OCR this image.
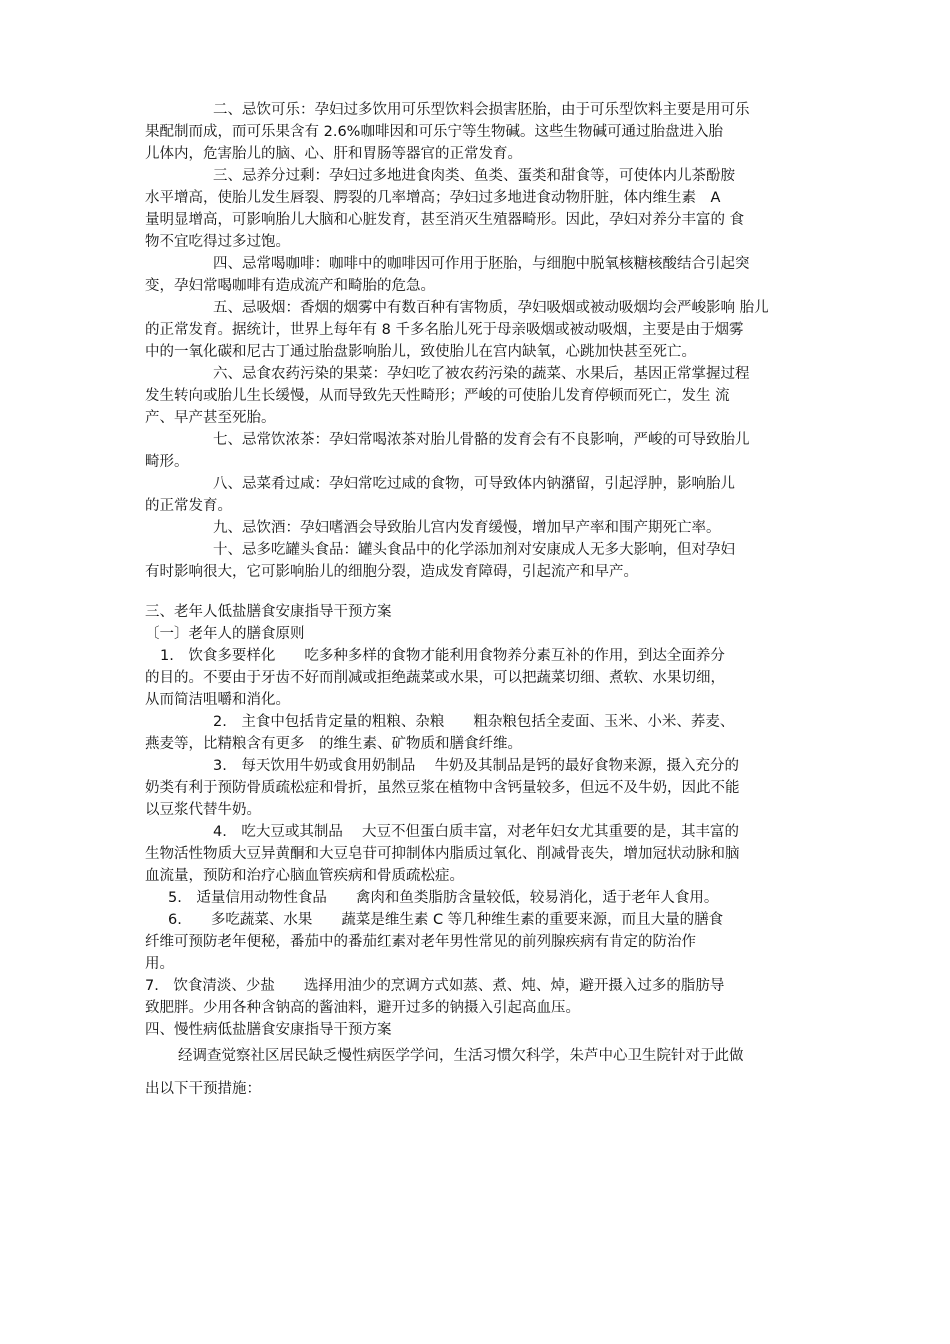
二、忌饮可乐：孕妇过多饮用可乐型饮料会损害胚胎，由于可乐型饮料主要是用可乐
果配制而成，而可乐果含有 2.6%咖啡因和可乐宁等生物碱。这些生物碱可通过胎盘进入胎
儿体内，危害胎儿的脑、心、肝和胃肠等器官的正常发育。
三、忌养分过剩：孕妇过多地进食肉类、鱼类、蛋类和甜食等，可使体内儿茶酚胺
水平增高，使胎儿发生唇裂、腭裂的几率增高；孕妇过多地进食动物肝脏，体内维生素　A
量明显增高，可影响胎儿大脑和心脏发育，甚至消灭生殖器畸形。因此，孕妇对养分丰富的 食
物不宜吃得过多过饱。
四、忌常喝咖啡：咖啡中的咖啡因可作用于胚胎，与细胞中脱氧核糖核酸结合引起突
变，孕妇常喝咖啡有造成流产和畸胎的危急。
五、忌吸烟：香烟的烟雾中有数百种有害物质，孕妇吸烟或被动吸烟均会严峻影响 胎儿
的正常发育。据统计，世界上每年有 8 千多名胎儿死于母亲吸烟或被动吸烟，主要是由于烟雾
中的一氧化碳和尼古丁通过胎盘影响胎儿，致使胎儿在宫内缺氧，心跳加快甚至死亡。
六、忌食农药污染的果菜：孕妇吃了被农药污染的蔬菜、水果后，基因正常掌握过程
发生转向或胎儿生长缓慢，从而导致先天性畸形；严峻的可使胎儿发育停顿而死亡，发生 流
产、早产甚至死胎。
七、忌常饮浓茶：孕妇常喝浓茶对胎儿骨骼的发育会有不良影响，严峻的可导致胎儿
畸形。
八、忌菜肴过咸：孕妇常吃过咸的食物，可导致体内钠潴留，引起浮肿，影响胎儿
的正常发育。
九、忌饮酒：孕妇嗜酒会导致胎儿宫内发育缓慢，增加早产率和围产期死亡率。
十、忌多吃罐头食品：罐头食品中的化学添加剂对安康成人无多大影响，但对孕妇
有时影响很大，它可影响胎儿的细胞分裂，造成发育障碍，引起流产和早产。
三、老年人低盐膳食安康指导干预方案
〔一〕老年人的膳食原则
1.　饮食多要样化　　吃多种多样的食物才能利用食物养分素互补的作用，到达全面养分
的目的。不要由于牙齿不好而削减或拒绝蔬菜或水果，可以把蔬菜切细、煮软、水果切细，
从而简洁咀嚼和消化。
2.　主食中包括肯定量的粗粮、杂粮　　粗杂粮包括全麦面、玉米、小米、荞麦、
燕麦等，比精粮含有更多　的维生素、矿物质和膳食纤维。
3.　每天饮用牛奶或食用奶制品　 牛奶及其制品是钙的最好食物来源，摄入充分的
奶类有利于预防骨质疏松症和骨折，虽然豆浆在植物中含钙量较多，但远不及牛奶，因此不能
以豆浆代替牛奶。
4.　吃大豆或其制品　 大豆不但蛋白质丰富，对老年妇女尤其重要的是，其丰富的
生物活性物质大豆异黄酮和大豆皂苷可抑制体内脂质过氧化、削减骨丧失，增加冠状动脉和脑
血流量，预防和治疗心脑血管疾病和骨质疏松症。
5.　适量信用动物性食品　　禽肉和鱼类脂肪含量较低，较易消化，适于老年人食用。
6.　　多吃蔬菜、水果　　蔬菜是维生素 C 等几种维生素的重要来源，而且大量的膳食
纤维可预防老年便秘，番茄中的番茄红素对老年男性常见的前列腺疾病有肯定的防治作
用。
7.　饮食清淡、少盐　　选择用油少的烹调方式如蒸、煮、炖、焯，避开摄入过多的脂肪导
致肥胖。少用各种含钠高的酱油料，避开过多的钠摄入引起高血压。
四、慢性病低盐膳食安康指导干预方案
经调查觉察社区居民缺乏慢性病医学学问，生活习惯欠科学，朱芦中心卫生院针对于此做
出以下干预措施：
